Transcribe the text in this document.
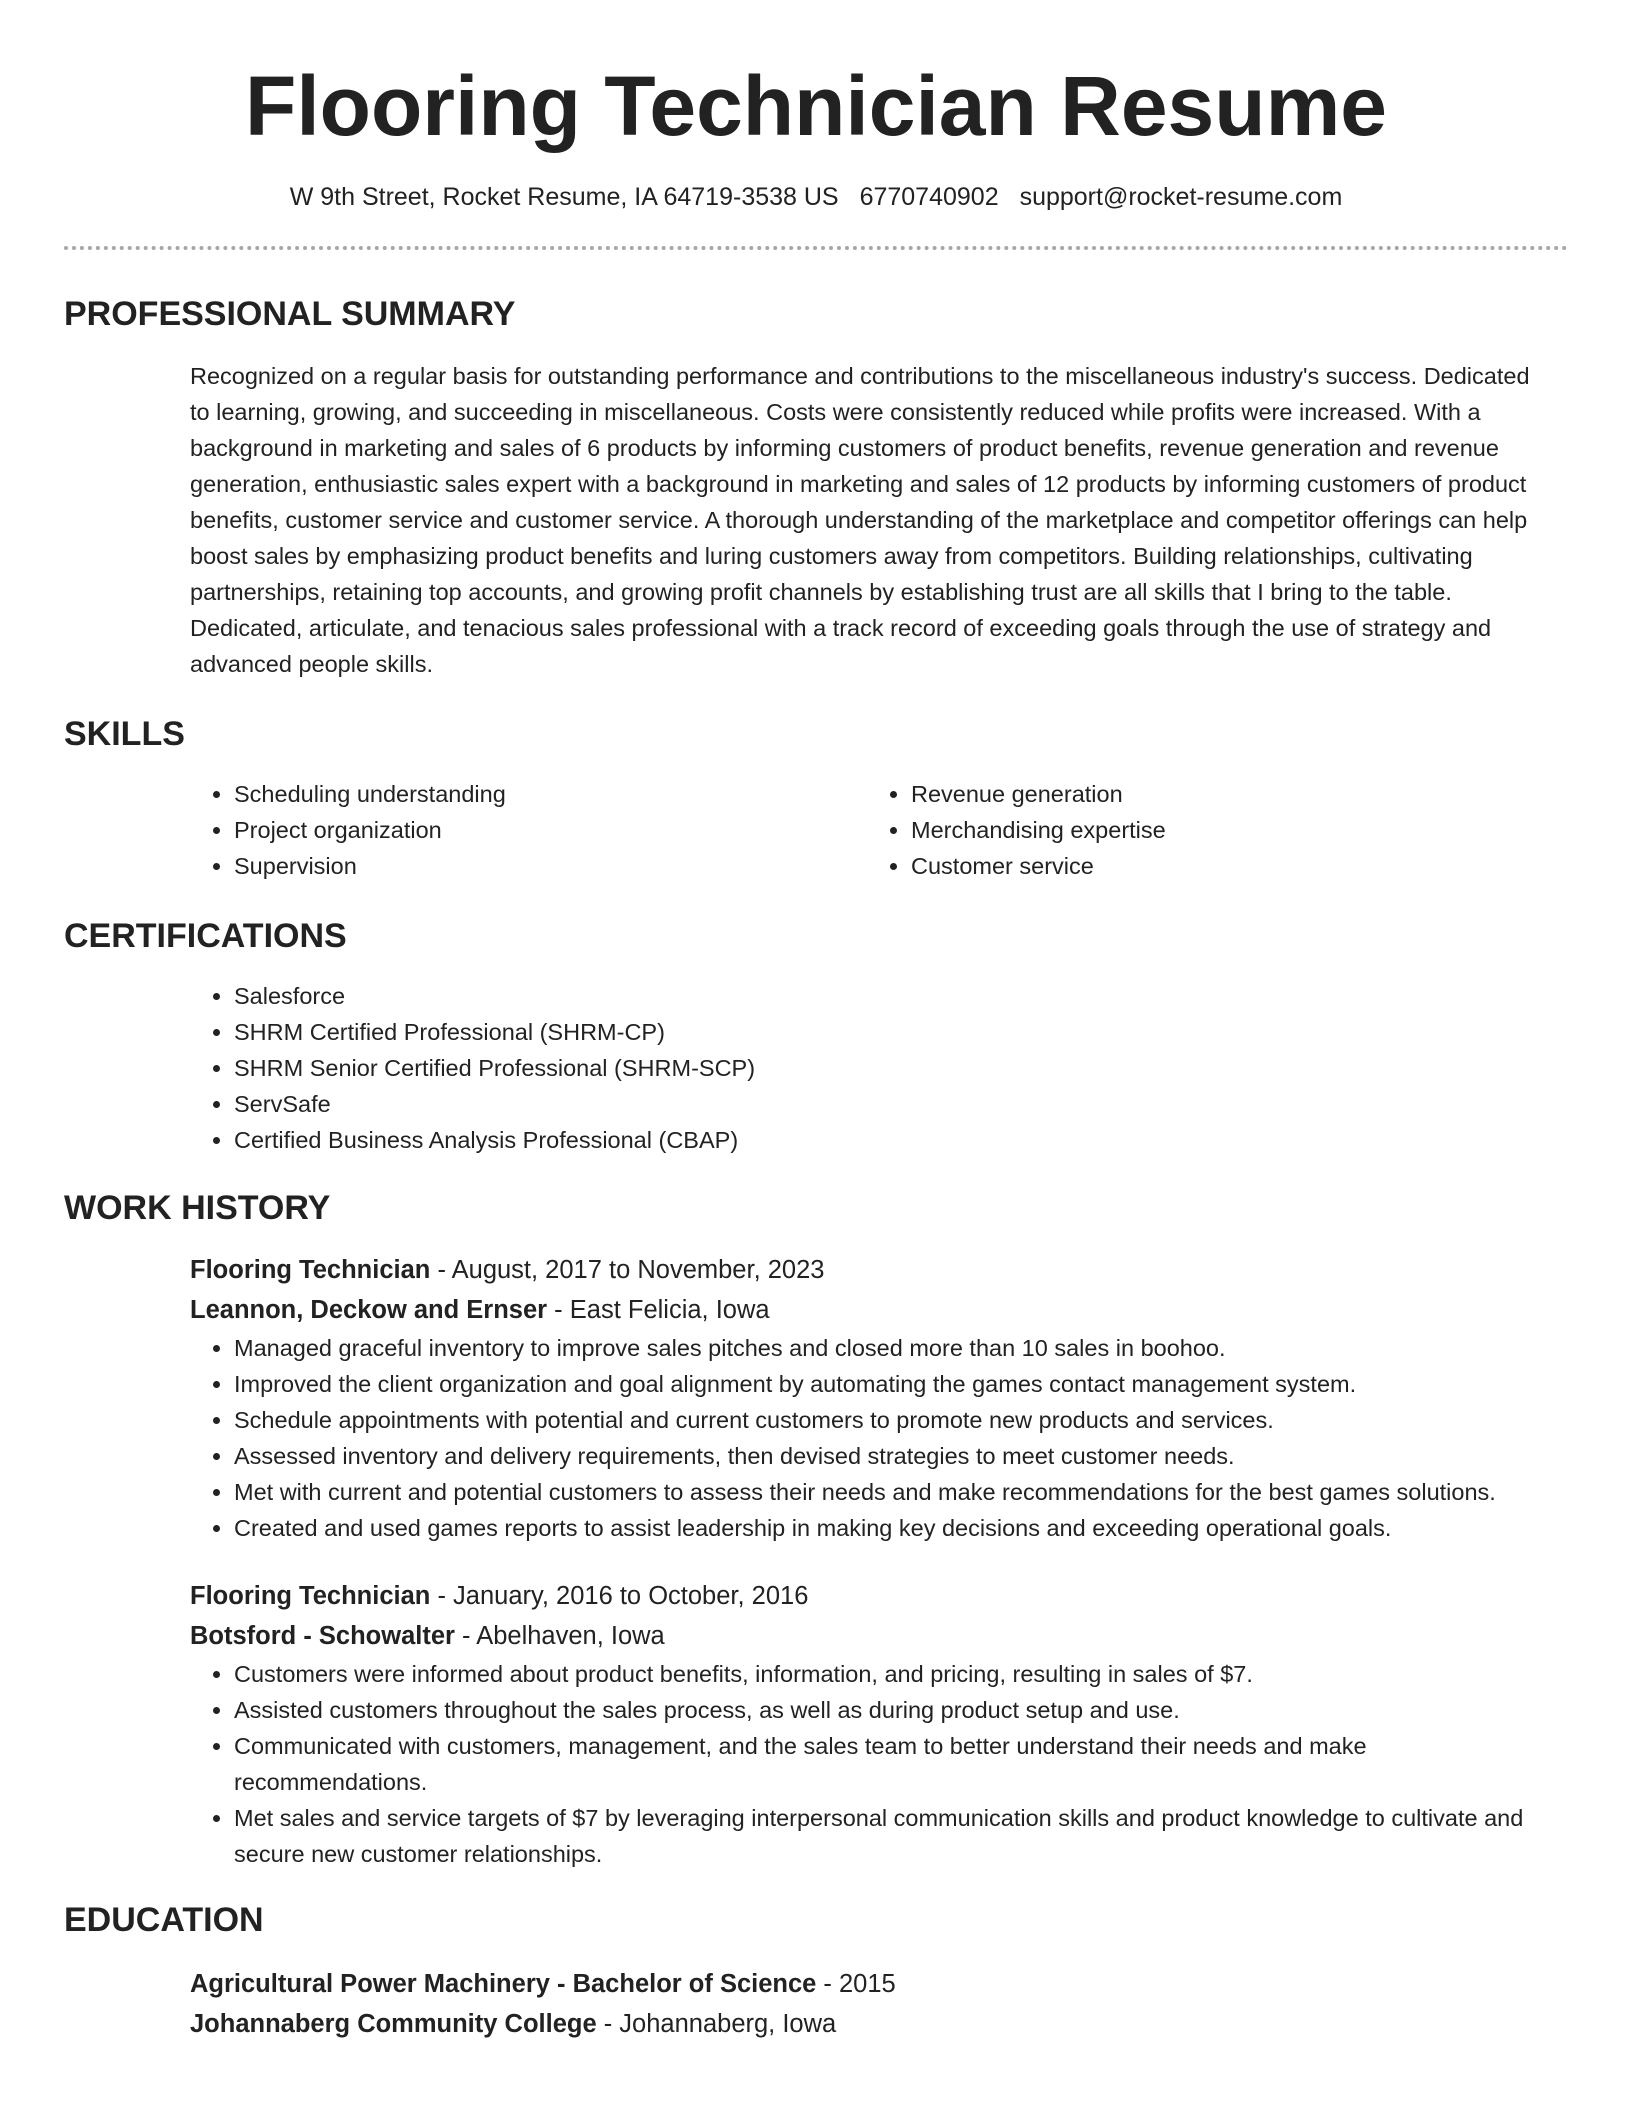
Flooring Technician Resume
W 9th Street, Rocket Resume, IA 64719-3538 US 6770740902 support@rocket-resume.com
PROFESSIONAL SUMMARY

Recognized on a regular basis for outstanding performance and contributions to the miscellaneous industry's success. Dedicated to learning, growing, and succeeding in miscellaneous. Costs were consistently reduced while profits were increased. With a background in marketing and sales of 6 products by informing customers of product benefits, revenue generation and revenue generation, enthusiastic sales expert with a background in marketing and sales of 12 products by informing customers of product benefits, customer service and customer service. A thorough understanding of the marketplace and competitor offerings can help boost sales by emphasizing product benefits and luring customers away from competitors. Building relationships, cultivating partnerships, retaining top accounts, and growing profit channels by establishing trust are all skills that I bring to the table. Dedicated, articulate, and tenacious sales professional with a track record of exceeding goals through the use of strategy and advanced people skills.

SKILLS
• Scheduling understanding
• Project organization
• Supervision
• Revenue generation
• Merchandising expertise
• Customer service
CERTIFICATIONS
• Salesforce
• SHRM Certified Professional (SHRM-CP)
• SHRM Senior Certified Professional (SHRM-SCP)
• ServSafe
• Certified Business Analysis Professional (CBAP)
WORK HISTORY
Flooring Technician - August, 2017 to November, 2023
Leannon, Deckow and Ernser - East Felicia, Iowa
• Managed graceful inventory to improve sales pitches and closed more than 10 sales in boohoo.
• Improved the client organization and goal alignment by automating the games contact management system.
• Schedule appointments with potential and current customers to promote new products and services.
• Assessed inventory and delivery requirements, then devised strategies to meet customer needs.
• Met with current and potential customers to assess their needs and make recommendations for the best games solutions.
• Created and used games reports to assist leadership in making key decisions and exceeding operational goals.
Flooring Technician - January, 2016 to October, 2016
Botsford - Schowalter - Abelhaven, Iowa
• Customers were informed about product benefits, information, and pricing, resulting in sales of $7.
• Assisted customers throughout the sales process, as well as during product setup and use.
• Communicated with customers, management, and the sales team to better understand their needs and make recommendations.
• Met sales and service targets of $7 by leveraging interpersonal communication skills and product knowledge to cultivate and secure new customer relationships.
EDUCATION
Agricultural Power Machinery - Bachelor of Science - 2015
Johannaberg Community College - Johannaberg, Iowa
